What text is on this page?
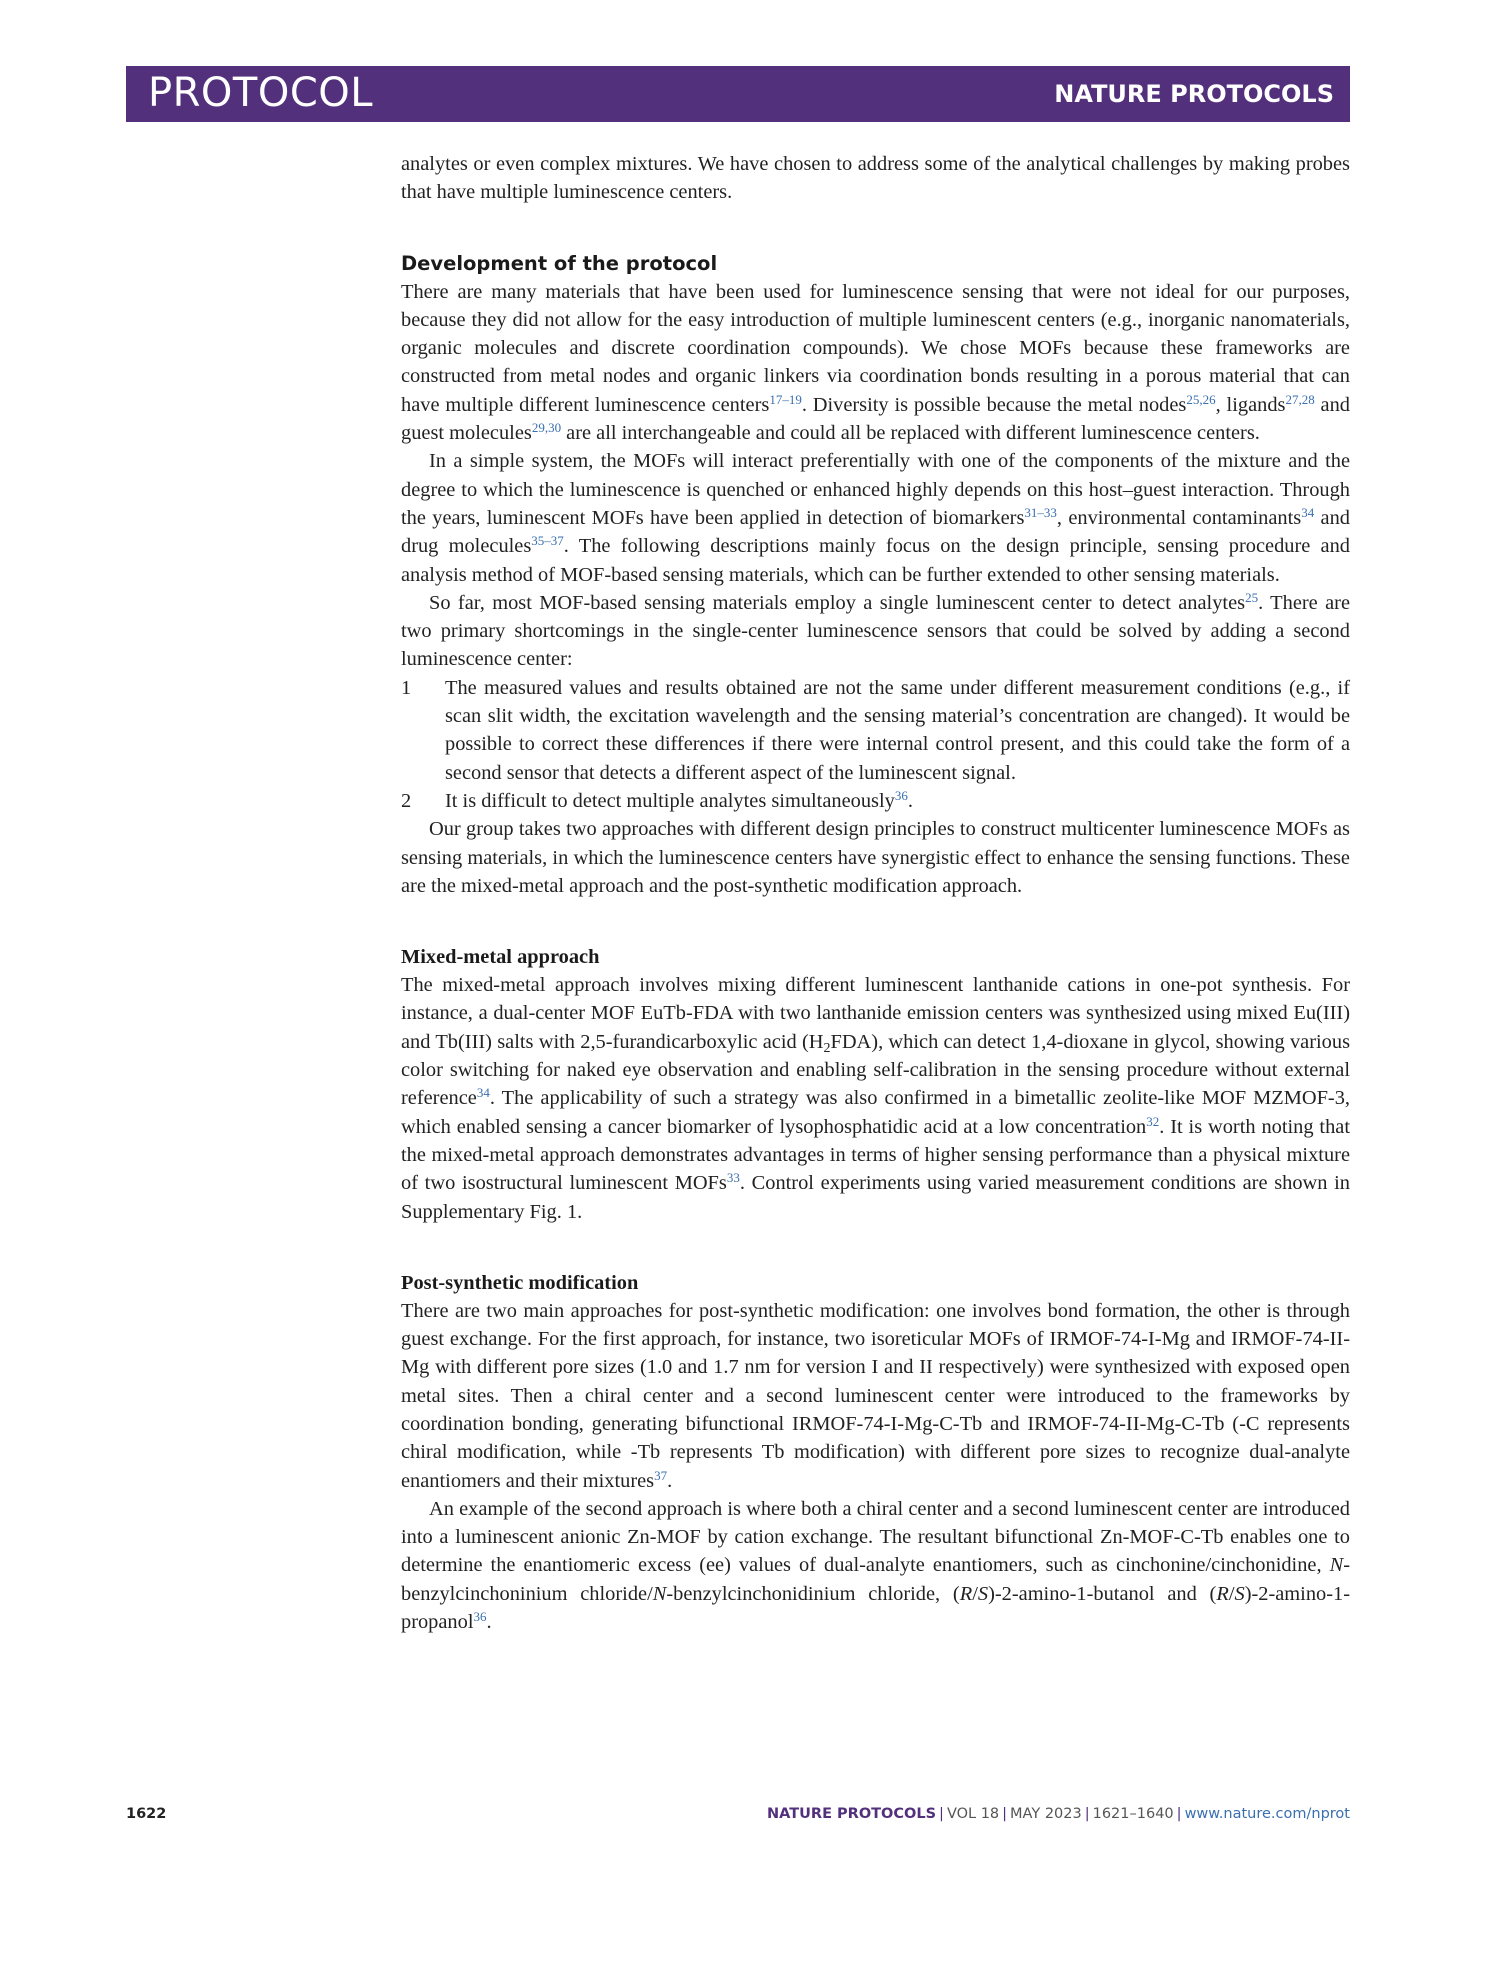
PROTOCOL	NATURE PROTOCOLS

analytes or even complex mixtures. We have chosen to address some of the analytical challenges by making probes that have multiple luminescence centers.

Development of the protocol

There are many materials that have been used for luminescence sensing that were not ideal for our purposes, because they did not allow for the easy introduction of multiple luminescent centers (e.g., inorganic nanomaterials, organic molecules and discrete coordination compounds). We chose MOFs because these frameworks are constructed from metal nodes and organic linkers via coordination bonds resulting in a porous material that can have multiple different luminescence centers$^{17-19}$. Diversity is possible because the metal nodes$^{25,26}$, ligands$^{27,28}$ and guest molecules$^{29,30}$ are all interchangeable and could all be replaced with different luminescence centers.

In a simple system, the MOFs will interact preferentially with one of the components of the mixture and the degree to which the luminescence is quenched or enhanced highly depends on this host–guest interaction. Through the years, luminescent MOFs have been applied in detection of biomarkers$^{31-33}$, environmental contaminants$^{34}$ and drug molecules$^{35-37}$. The following descriptions mainly focus on the design principle, sensing procedure and analysis method of MOF-based sensing materials, which can be further extended to other sensing materials.

So far, most MOF-based sensing materials employ a single luminescent center to detect analytes$^{25}$. There are two primary shortcomings in the single-center luminescence sensors that could be solved by adding a second luminescence center:

1 The measured values and results obtained are not the same under different measurement conditions (e.g., if scan slit width, the excitation wavelength and the sensing material’s concentration are changed). It would be possible to correct these differences if there were internal control present, and this could take the form of a second sensor that detects a different aspect of the luminescent signal.
2 It is difficult to detect multiple analytes simultaneously$^{36}$.

Our group takes two approaches with different design principles to construct multicenter luminescence MOFs as sensing materials, in which the luminescence centers have synergistic effect to enhance the sensing functions. These are the mixed-metal approach and the post-synthetic modification approach.

Mixed-metal approach

The mixed-metal approach involves mixing different luminescent lanthanide cations in one-pot synthesis. For instance, a dual-center MOF EuTb-FDA with two lanthanide emission centers was synthesized using mixed Eu(III) and Tb(III) salts with 2,5-furandicarboxylic acid $(H_2FDA)$, which can detect 1,4-dioxane in glycol, showing various color switching for naked eye observation and enabling self-calibration in the sensing procedure without external reference$^{34}$. The applicability of such a strategy was also confirmed in a bimetallic zeolite-like MOF MZMOF-3, which enabled sensing a cancer biomarker of lysophosphatidic acid at a low concentration$^{32}$. It is worth noting that the mixed-metal approach demonstrates advantages in terms of higher sensing performance than a physical mixture of two isostructural luminescent MOFs$^{33}$. Control experiments using varied measurement conditions are shown in Supplementary Fig. 1.

Post-synthetic modification

There are two main approaches for post-synthetic modification: one involves bond formation, the other is through guest exchange. For the first approach, for instance, two isoreticular MOFs of IRMOF-74-I-Mg and IRMOF-74-II-Mg with different pore sizes (1.0 and 1.7 nm for version I and II respectively) were synthesized with exposed open metal sites. Then a chiral center and a second luminescent center were introduced to the frameworks by coordination bonding, generating bifunctional IRMOF-74-I-Mg-C-Tb and IRMOF-74-II-Mg-C-Tb (-C represents chiral modification, while -Tb represents Tb modification) with different pore sizes to recognize dual-analyte enantiomers and their mixtures$^{37}$.

An example of the second approach is where both a chiral center and a second luminescent center are introduced into a luminescent anionic Zn-MOF by cation exchange. The resultant bifunctional Zn-MOF-C-Tb enables one to determine the enantiomeric excess (ee) values of dual-analyte enantiomers, such as cinchonine/cinchonidine, N-benzylcinchoninium chloride/N-benzylcinchonidinium chloride, (R/S)-2-amino-1-butanol and (R/S)-2-amino-1-propanol$^{36}$.

1622	NATURE PROTOCOLS | VOL 18 | MAY 2023 | 1621–1640 | www.nature.com/nprot
